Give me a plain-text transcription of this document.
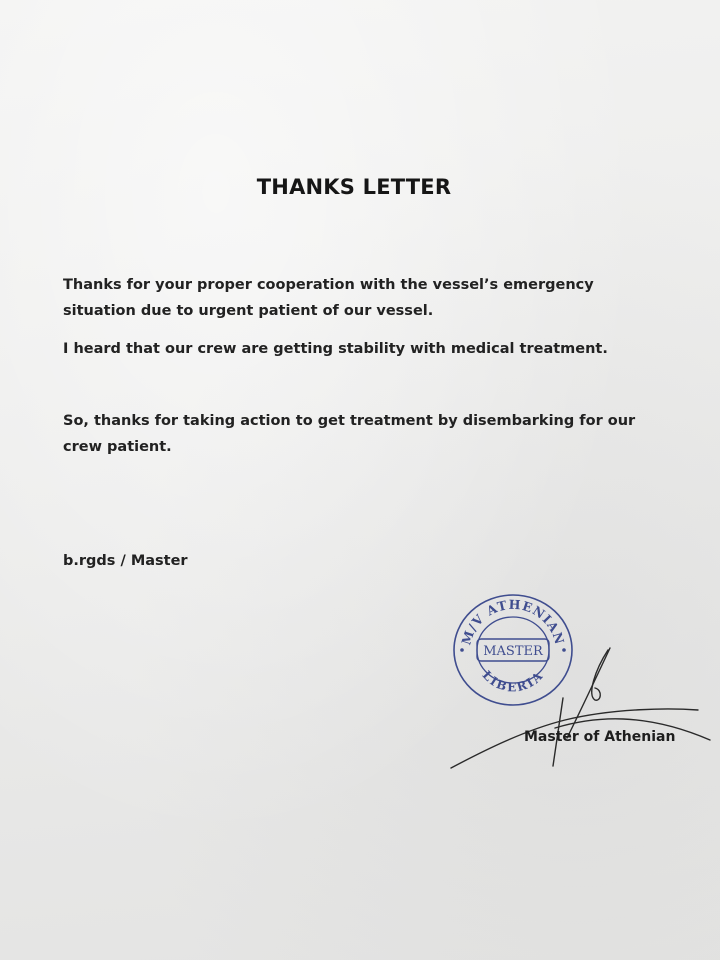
THANKS LETTER
Thanks for your proper cooperation with the vessel’s emergency situation due to urgent patient of our vessel.
I heard that our crew are getting stability with medical treatment.
So, thanks for taking action to get treatment by disembarking for our crew patient.
b.rgds / Master
M/V ATHENIAN
LIBERIA
MASTER
Master of Athenian
